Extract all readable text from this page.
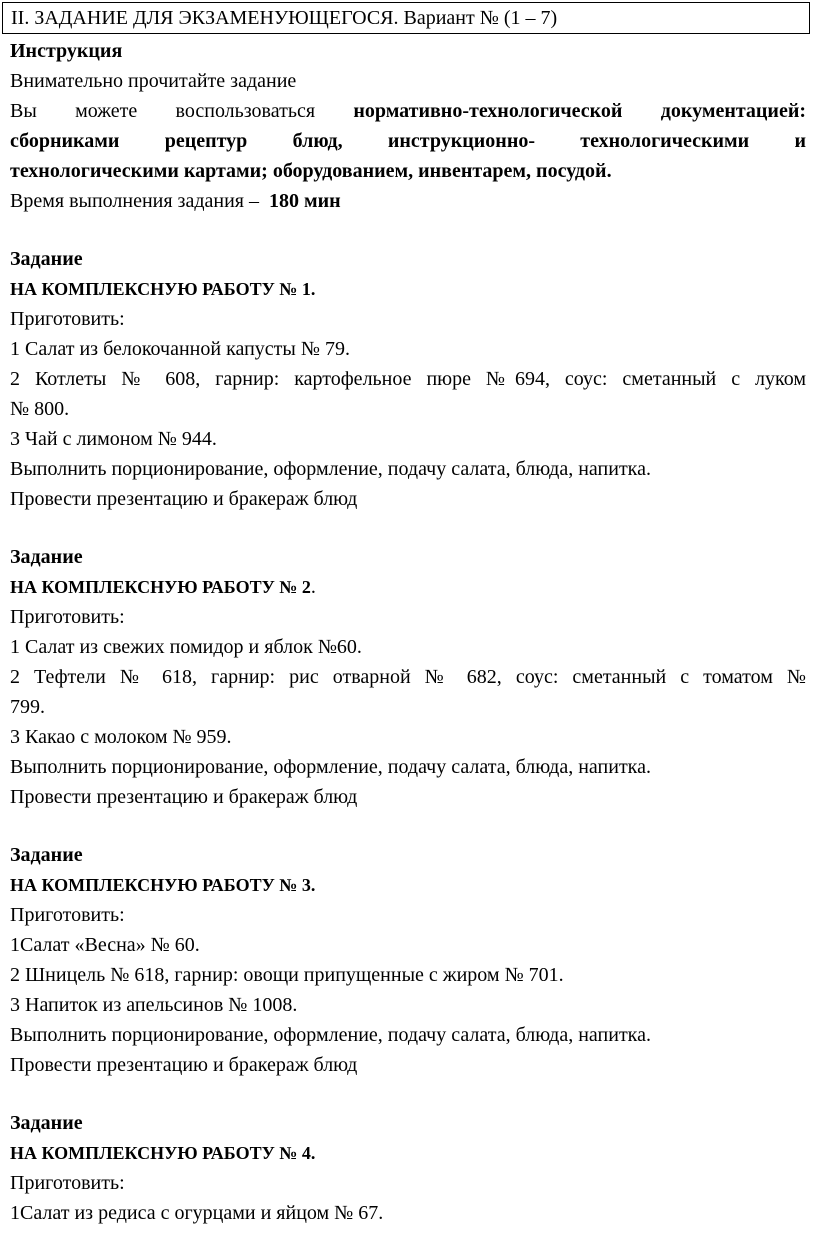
II. ЗАДАНИЕ ДЛЯ ЭКЗАМЕНУЮЩЕГОСЯ. Вариант № (1 – 7)
Инструкция
Внимательно прочитайте задание
Вы можете воспользоваться нормативно-технологической документацией:
сборниками рецептур блюд, инструкционно- технологическими и
технологическими картами; оборудованием, инвентарем, посудой.
Время выполнения задания – 180 мин
Задание
НА КОМПЛЕКСНУЮ РАБОТУ № 1.
Приготовить:
1 Салат из белокочанной капусты № 79.
2 Котлеты № 608, гарнир: картофельное пюре №694, соус: сметанный с луком
№ 800.
3 Чай с лимоном № 944.
Выполнить порционирование, оформление, подачу салата, блюда, напитка.
Провести презентацию и бракераж блюд
Задание
НА КОМПЛЕКСНУЮ РАБОТУ № 2.
Приготовить:
1 Салат из свежих помидор и яблок №60.
2 Тефтели № 618, гарнир: рис отварной № 682, соус: сметанный с томатом №
799.
3 Какао с молоком № 959.
Выполнить порционирование, оформление, подачу салата, блюда, напитка.
Провести презентацию и бракераж блюд
Задание
НА КОМПЛЕКСНУЮ РАБОТУ № 3.
Приготовить:
1Салат «Весна» № 60.
2 Шницель № 618, гарнир: овощи припущенные с жиром № 701.
3 Напиток из апельсинов № 1008.
Выполнить порционирование, оформление, подачу салата, блюда, напитка.
Провести презентацию и бракераж блюд
Задание
НА КОМПЛЕКСНУЮ РАБОТУ № 4.
Приготовить:
1Салат из редиса с огурцами и яйцом № 67.
